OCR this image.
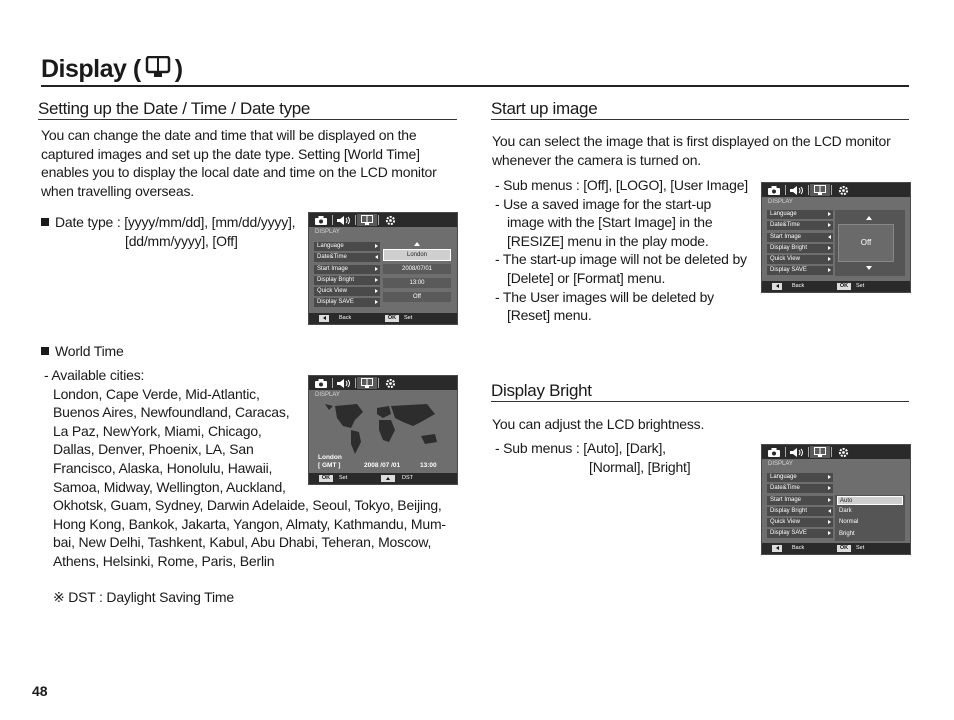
Display ( )
Setting up the Date / Time / Date type
You can change the date and time that will be displayed on the
captured images and set up the date type. Setting [World Time]
enables you to display the local date and time on the LCD monitor
when travelling overseas.
Date type : [yyyy/mm/dd], [mm/dd/yyyy],
[dd/mm/yyyy], [Off]
DISPLAY
Language
Date&Time
Start Image
Display Bright
Quick View
Display SAVE
London
2008/07/01
13:00
Off
Back	OK	Set
World Time
- Available cities:
London, Cape Verde, Mid-Atlantic,
Buenos Aires, Newfoundland, Caracas,
La Paz, NewYork, Miami, Chicago,
Dallas, Denver, Phoenix, LA, San
Francisco, Alaska, Honolulu, Hawaii,
Samoa, Midway, Wellington, Auckland,
Okhotsk, Guam, Sydney, Darwin Adelaide, Seoul, Tokyo, Beijing,
Hong Kong, Bankok, Jakarta, Yangon, Almaty, Kathmandu, Mum-
bai, New Delhi, Tashkent, Kabul, Abu Dhabi, Teheran, Moscow,
Athens, Helsinki, Rome, Paris, Berlin
DISPLAY
London
[ GMT ]	2008 /07 /01	13:00
OK	Set	DST
※ DST : Daylight Saving Time
Start up image
You can select the image that is first displayed on the LCD monitor
whenever the camera is turned on.
- Sub menus : [Off], [LOGO], [User Image]
- Use a saved image for the start-up
image with the [Start Image] in the
[RESIZE] menu in the play mode.
- The start-up image will not be deleted by
[Delete] or [Format] menu.
- The User images will be deleted by
[Reset] menu.
DISPLAY
Language
Date&Time
Start Image
Display Bright
Quick View
Display SAVE
Off
Back	OK	Set
Display Bright
You can adjust the LCD brightness.
- Sub menus : [Auto], [Dark],
[Normal], [Bright]	DISPLAY
Language
Date&Time
Start Image
Display Bright
Quick View
Display SAVE
Auto
Dark
Normal
Bright
Back	OK	Set
48
